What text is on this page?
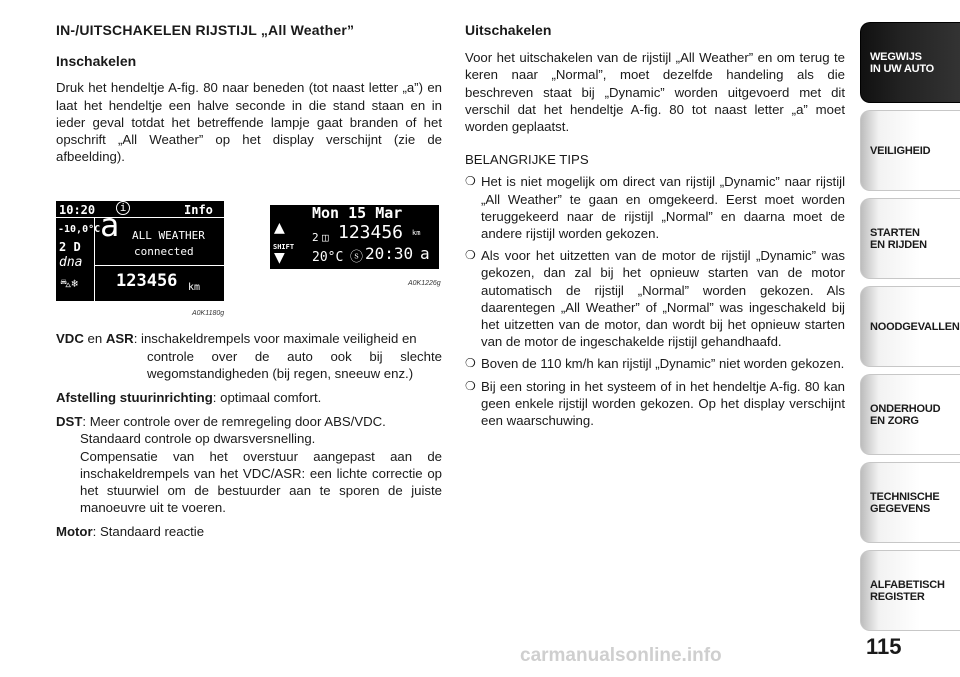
IN-/UITSCHAKELEN RIJSTIJL „All Weather”
Inschakelen

Druk het hendeltje A-fig. 80 naar beneden (tot naast letter „a”) en laat het hendeltje een halve seconde in die stand staan en in ieder geval totdat het betreffende lampje gaat branden of het opschrift „All Weather” op het display verschijnt (zie de afbeelding).

10:20	i	Info
-10,0°C
2 D
dna
⛍❄
a ALL WEATHER
connected
123456 km
A0K1180g
Mon 15 Mar
▲
SHIFT
▼
2 ◫ 123456 km
20°C ⓢ 20:30 a
A0K1226g

VDC en ASR: inschakeldrempels voor maximale veiligheid en

controle over de auto ook bij slechte wegomstandigheden (bij regen, sneeuw enz.)

Afstelling stuurinrichting: optimaal comfort.

DST: Meer controle over de remregeling door ABS/VDC.

Standaard controle op dwarsversnelling.

Compensatie van het overstuur aangepast aan de inschakeldrempels van het VDC/ASR: een lichte correctie op het stuurwiel om de bestuurder aan te sporen de juiste manoeuvre uit te voeren.

Motor: Standaard reactie

Uitschakelen

Voor het uitschakelen van de rijstijl „All Weather” en om terug te keren naar „Normal”, moet dezelfde handeling als die beschreven staat bij „Dynamic” worden uitgevoerd met dit verschil dat het hendeltje A-fig. 80 tot naast letter „a” moet worden geplaatst.

BELANGRIJKE TIPS

❍ Het is niet mogelijk om direct van rijstijl „Dynamic” naar rijstijl „All Weather” te gaan en omgekeerd. Eerst moet worden teruggekeerd naar de rijstijl „Normal” en daarna moet de andere rijstijl worden gekozen.
❍ Als voor het uitzetten van de motor de rijstijl „Dynamic” was gekozen, dan zal bij het opnieuw starten van de motor automatisch de rijstijl „Normal” worden gekozen. Als daarentegen „All Weather” of „Normal” was ingeschakeld bij het uitzetten van de motor, dan wordt bij het opnieuw starten van de motor de ingeschakelde rijstijl gehandhaafd.
❍ Boven de 110 km/h kan rijstijl „Dynamic” niet worden gekozen.
❍ Bij een storing in het systeem of in het hendeltje A-fig. 80 kan geen enkele rijstijl worden gekozen. Op het display verschijnt een waarschuwing.
WEGWIJS
IN UW AUTO
VEILIGHEID
STARTEN
EN RIJDEN
NOODGEVALLEN
ONDERHOUD
EN ZORG
TECHNISCHE
GEGEVENS
ALFABETISCH
REGISTER
115
carmanualsonline.info
